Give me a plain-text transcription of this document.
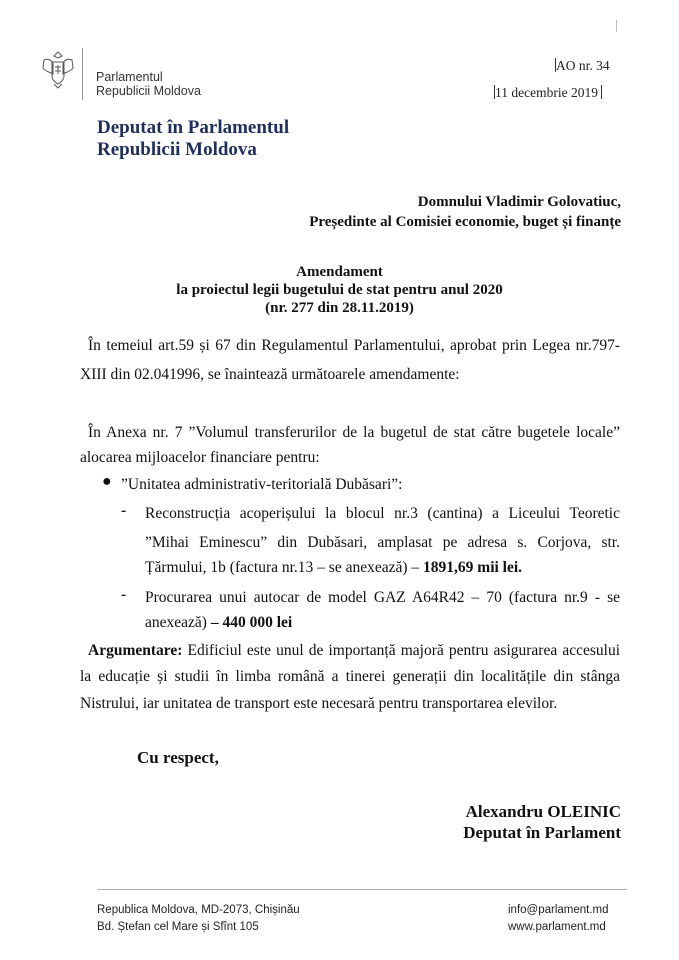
Parlamentul
Republicii Moldova
AO nr. 34
11 decembrie 2019
Deputat în Parlamentul
Republicii Moldova
Domnului Vladimir Golovatiuc,
Președinte al Comisiei economie, buget și finanțe
Amendament
la proiectul legii bugetului de stat pentru anul 2020
(nr. 277 din 28.11.2019)
În temeiul art.59 și 67 din Regulamentul Parlamentului, aprobat prin Legea nr.797-
XIII din 02.041996, se înaintează următoarele amendamente:
În Anexa nr. 7 ”Volumul transferurilor de la bugetul de stat către bugetele locale”
alocarea mijloacelor financiare pentru:
● ”Unitatea administrativ-teritorială Dubăsari”:
- Reconstrucția acoperișului la blocul nr.3 (cantina) a Liceului Teoretic
”Mihai Eminescu” din Dubăsari, amplasat pe adresa s. Corjova, str.
Țărmului, 1b (factura nr.13 – se anexează) – 1891,69 mii lei.
- Procurarea unui autocar de model GAZ A64R42 – 70 (factura nr.9 - se
anexează) – 440 000 lei
Argumentare: Edificiul este unul de importanță majoră pentru asigurarea accesului
la educație și studii în limba română a tinerei generații din localitățile din stânga
Nistrului, iar unitatea de transport este necesară pentru transportarea elevilor.
Cu respect,
Alexandru OLEINIC
Deputat în Parlament
Republica Moldova, MD-2073, Chișinău
Bd. Ștefan cel Mare și Sfînt 105
info@parlament.md
www.parlament.md
